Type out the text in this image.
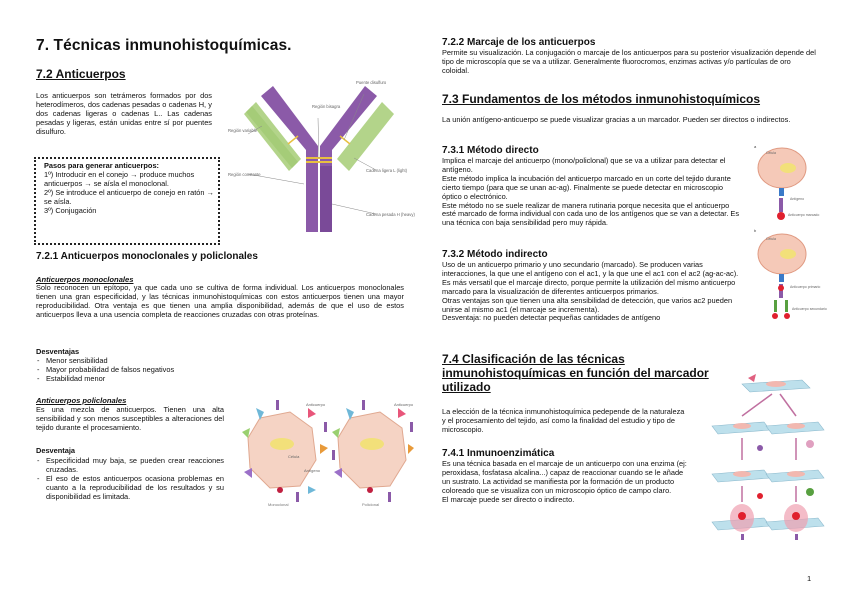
7. Técnicas inmunohistoquímicas.
7.2 Anticuerpos

Los anticuerpos son tetrámeros formados por dos heterodímeros, dos cadenas pesadas o cadenas H, y dos cadenas ligeras o cadenas L.. Las cadenas pesadas y ligeras, están unidas entre sí por puentes disulfuro.

Pasos para generar anticuerpos:

1º) Introducir en el conejo → produce muchos anticuerpos → se aísla el monoclonal.

2º) Se introduce el anticuerpo de conejo en ratón → se aísla.

3º) Conjugación

Región bisagra
Puente disulfuro
Región variable
Región constante
Cadena ligera L (light)
Cadena pesada H (heavy)
7.2.1 Anticuerpos monoclonales y policlonales
Anticuerpos monoclonales

Solo reconocen un epítopo, ya que cada uno se cultiva de forma individual. Los anticuerpos monoclonales tienen una gran especificidad, y las técnicas inmunohistoquímicas con estos anticuerpos tienen una mayor reproducibilidad. Otra ventaja es que tienen una amplia disponibilidad, además de que el uso de estos anticuerpos lleva a una usencia completa de reacciones cruzadas con otras proteínas.

Desventajas
- Menor sensibilidad
- Mayor probabilidad de falsos negativos
- Estabilidad menor
Anticuerpos policlonales

Es una mezcla de anticuerpos. Tienen una alta sensibilidad y son menos susceptibles a alteraciones del tejido durante el procesamiento.

Desventaja
- Especificidad muy baja, se pueden crear reacciones cruzadas.
- El eso de estos anticuerpos ocasiona problemas en cuanto a la reproducibilidad de los resultados y su disponibilidad es limitada.
Anticuerpo
Célula
Antígeno
Anticuerpo
Monoclonal	Policlonal
7.2.2 Marcaje de los anticuerpos

Permite su visualización. La conjugación o marcaje de los anticuerpos para su posterior visualización depende del tipo de microscopía que se va a utilizar. Generalmente fluorocromos, enzimas activas y/o partículas de oro coloidal.

7.3 Fundamentos de los métodos inmunohistoquímicos

La unión antígeno-anticuerpo se puede visualizar gracias a un marcador. Pueden ser directos o indirectos.

7.3.1 Método directo

Implica el marcaje del anticuerpo (mono/policlonal) que se va a utilizar para detectar el antígeno.
Este método implica la incubación del anticuerpo marcado en un corte del tejido durante cierto tiempo (para que se unan ac-ag). Finalmente se puede detectar en microscopio óptico o electrónico.
Este método no se suele realizar de manera rutinaria porque necesita que el anticuerpo esté marcado de forma individual con cada uno de los antígenos que se van a detectar. Es una técnica con baja sensibilidad pero muy rápida.

7.3.2 Método indirecto

Uso de un anticuerpo primario y uno secundario (marcado). Se producen varias interacciones, la que une el antígeno con el ac1, y la que une el ac1 con el ac2 (ag-ac-ac).
Es más versatil que el marcaje directo, porque permite la utilización del mismo anticuerpo marcado para la visualización de diferentes anticuerpos primarios.
Otras ventajas son que tienen una alta sensibilidad de detección, que varios ac2 pueden unirse al mismo ac1 (el marcaje se incrementa).
Desventaja: no pueden detectar pequeñas cantidades de antígeno

a
Célula
Antígeno
Anticuerpo marcado
b
Célula
Anticuerpo primario
Anticuerpo secundario
7.4 Clasificación de las técnicas
inmunohistoquímicas en función del marcador
utilizado

La elección de la técnica inmunohistoquímica pedepende de la naturaleza y el procesamiento del tejido, así como la finalidad del estudio y tipo de microscopio.

7.4.1 Inmunoenzimática

Es una técnica basada en el marcaje de un anticuerpo con una enzima (ej: peroxidasa, fosfatasa alcalina...) capaz de reaccionar cuando se le añade un sustrato. La actividad se manifiesta por la formación de un producto coloreado que se visualiza con un microscopio óptico de campo claro.
El marcaje puede ser directo o indirecto.

1
